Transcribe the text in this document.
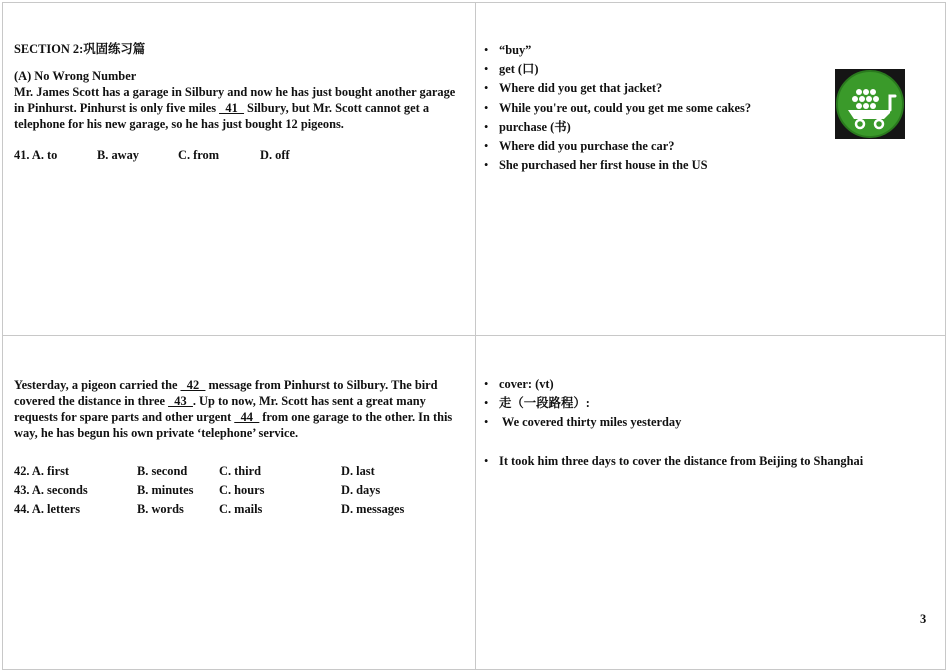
SECTION 2:巩固练习篇
(A) No Wrong Number
Mr. James Scott has a garage in Silbury and now he has just bought another garage in Pinhurst. Pinhurst is only five miles _41_ Silbury, but Mr. Scott cannot get a telephone for his new garage, so he has just bought 12 pigeons.
41. A. to	B. away	C. from	D. off
• “buy”
• get (口)
• Where did you get that jacket?
• While you're out, could you get me some cakes?
• purchase (书)
• Where did you purchase the car?
• She purchased her first house in the US
Yesterday, a pigeon carried the _42_ message from Pinhurst to Silbury. The bird covered the distance in three _43_. Up to now, Mr. Scott has sent a great many requests for spare parts and other urgent _44_ from one garage to the other. In this way, he has begun his own private ‘telephone’ service.
42. A. first	B. second	C. third	D. last
43. A. seconds	B. minutes C. hours	D. days
44. A. letters	B. words	C. mails	D. messages
• cover: (vt)
• 走（一段路程）:
•  We covered thirty miles yesterday
• It took him three days to cover the distance from Beijing to Shanghai
3
